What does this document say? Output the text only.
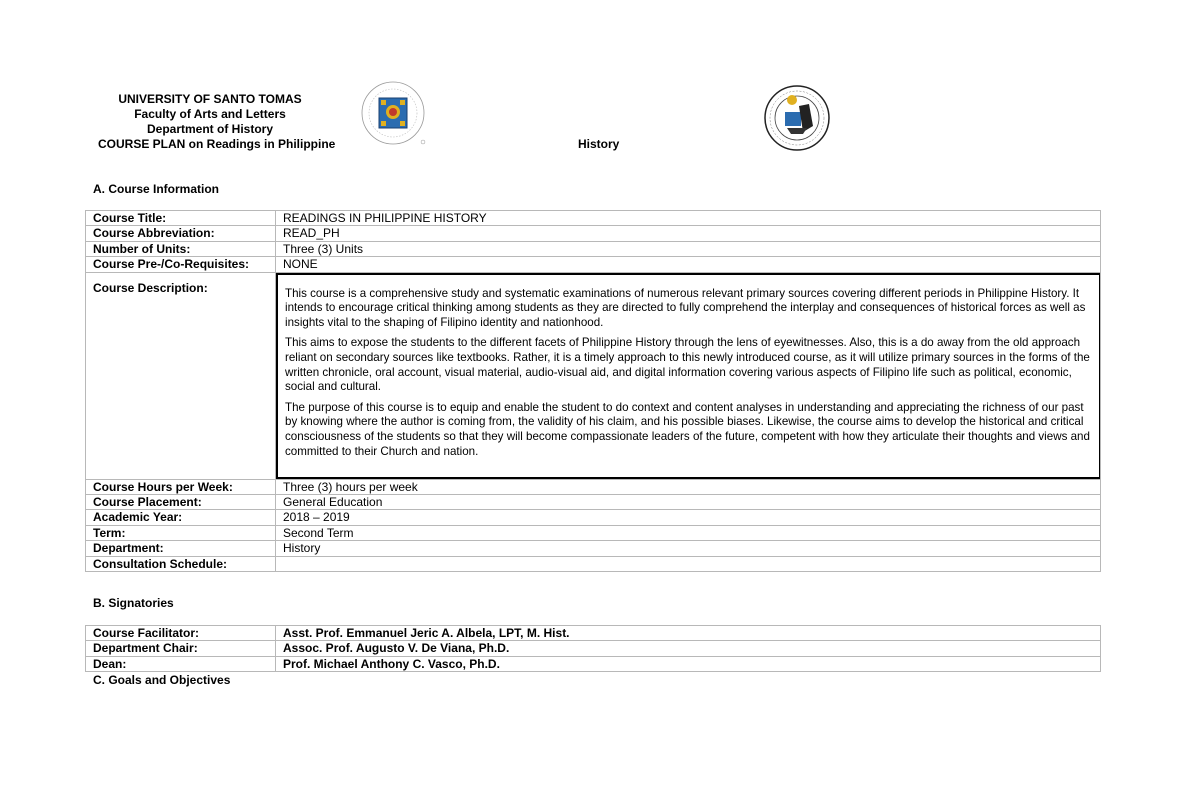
UNIVERSITY OF SANTO TOMAS
Faculty of Arts and Letters
Department of History
COURSE PLAN on Readings in Philippine	History
A. Course Information
Course Title:	READINGS IN PHILIPPINE HISTORY
Course Abbreviation:	READ_PH
Number of Units:	Three (3) Units
Course Pre-/Co-Requisites:	NONE
Course Description:	This course is a comprehensive study and systematic examinations of numerous relevant primary sources covering different periods in Philippine History. It intends to encourage critical thinking among students as they are directed to fully comprehend the interplay and consequences of historical forces as well as insights vital to the shaping of Filipino identity and nationhood.

This aims to expose the students to the different facets of Philippine History through the lens of eyewitnesses. Also, this is a do away from the old approach reliant on secondary sources like textbooks. Rather, it is a timely approach to this newly introduced course, as it will utilize primary sources in the forms of the written chronicle, oral account, visual material, audio-visual aid, and digital information covering various aspects of Filipino life such as political, economic, social and cultural.

The purpose of this course is to equip and enable the student to do context and content analyses in understanding and appreciating the richness of our past by knowing where the author is coming from, the validity of his claim, and his possible biases. Likewise, the course aims to develop the historical and critical consciousness of the students so that they will become compassionate leaders of the future, competent with how they articulate their thoughts and views and committed to their Church and nation.

Course Hours per Week:	Three (3) hours per week
Course Placement:	General Education
Academic Year:	2018 – 2019
Term:	Second Term
Department:	History
Consultation Schedule:	
B. Signatories
Course Facilitator:	Asst. Prof. Emmanuel Jeric A. Albela, LPT, M. Hist.
Department Chair:	Assoc. Prof. Augusto V. De Viana, Ph.D.
Dean:	Prof. Michael Anthony C. Vasco, Ph.D.
C. Goals and Objectives
